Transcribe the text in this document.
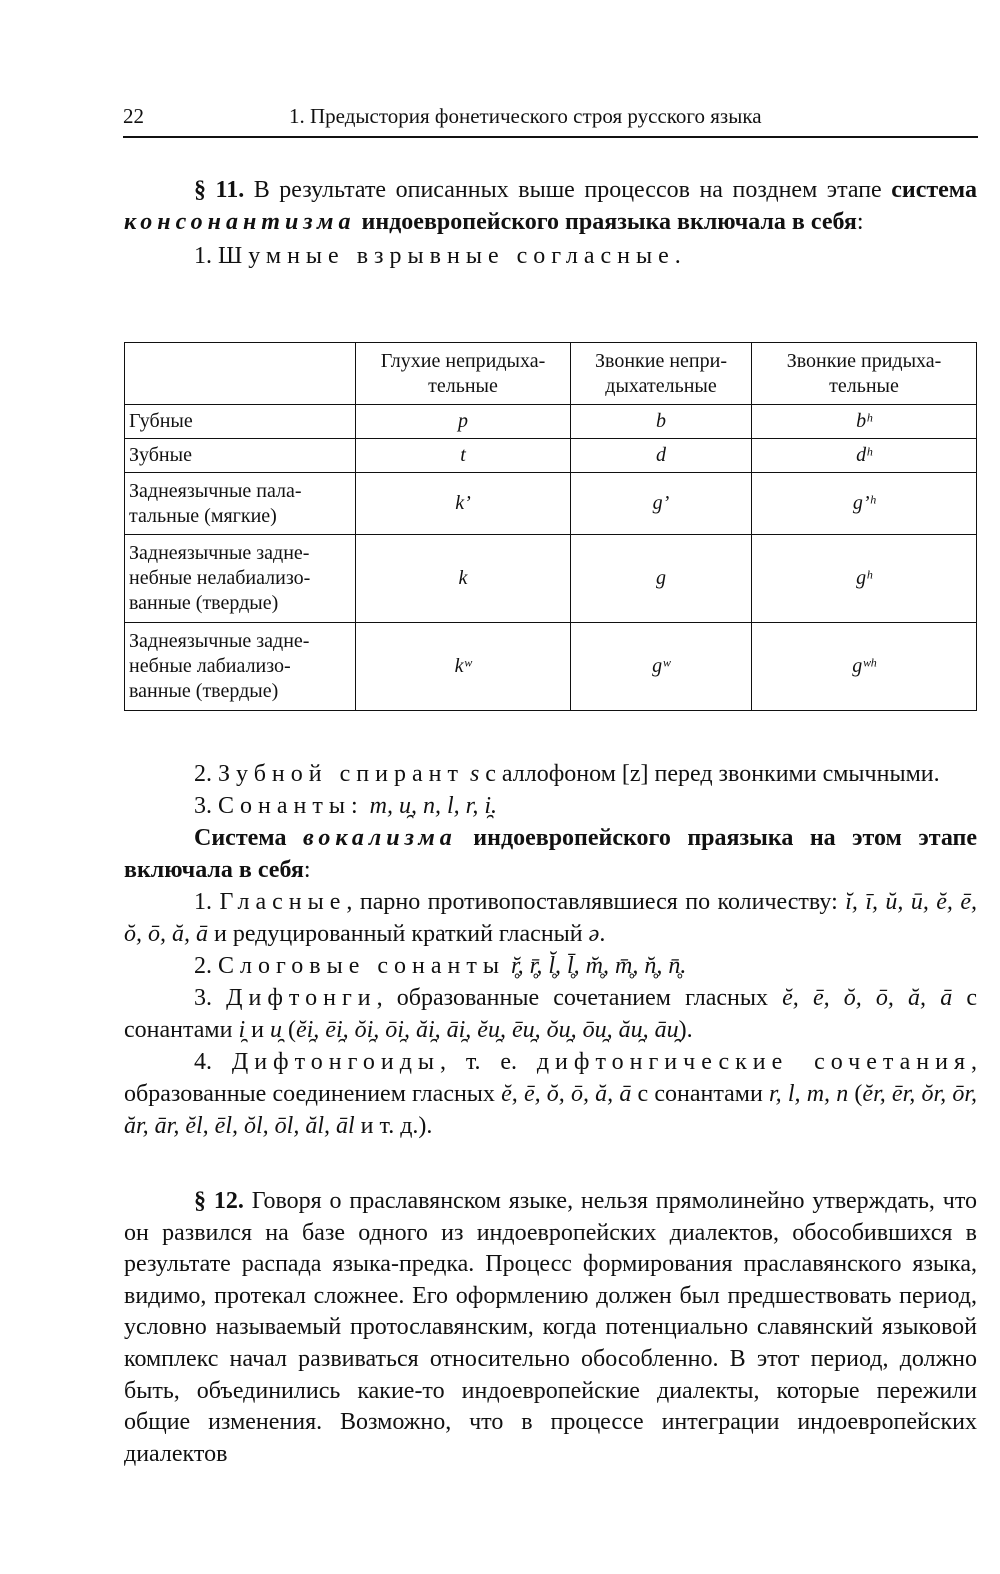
22	1. Предыстория фонетического строя русского языка

§ 11. В результате описанных выше процессов на позднем этапе система консонантизма индоевропейского праязыка включала в себя:

1. Шумные взрывные согласные.

	Глухие непридыха-тельные	Звонкие непри-дыхательные	Звонкие придыха-тельные
Губные	p	b	bʰ
Зубные	t	d	dʰ
Заднеязычные пала-тальные (мягкие)	k’	g’	g’ʰ
Заднеязычные задне-небные нелабиализо-ванные (твердые)	k	g	gʰ
Заднеязычные задне-небные лабиализо-ванные (твердые)	kʷ	gʷ	gʷʰ

2. Зубной спирант s с аллофоном [z] перед звонкими смычными.

3. Сонанты: m, u̯, n, l, r, i̯.

Система вокализма индоевропейского праязыка на этом этапе включала в себя:

1. Гласные, парно противопоставлявшиеся по количеству: ĭ, ī, ŭ, ū, ĕ, ē, ŏ, ō, ă, ā и редуцированный краткий гласный ə.

2. Слоговые сонанты r̥̆, r̥̄, l̥̆, l̥̄, m̥̆, m̥̄, n̥̆, n̥̄.

3. Дифтонги, образованные сочетанием гласных ĕ, ē, ŏ, ō, ă, ā с сонантами i̯ и u̯ (ĕi̯, ēi̯, ŏi̯, ōi̯, ăi̯, āi̯, ĕu̯, ēu̯, ŏu̯, ōu̯, ău̯, āu̯).

4. Дифтонгоиды, т. е. дифтонгические сочетания, образованные соединением гласных ĕ, ē, ŏ, ō, ă, ā с сонантами r, l, m, n (ĕr, ēr, ŏr, ōr, ăr, ār, ĕl, ēl, ŏl, ōl, ăl, āl и т. д.).

§ 12. Говоря о праславянском языке, нельзя прямолинейно утверждать, что он развился на базе одного из индоевропейских диалектов, обособившихся в результате распада языка-предка. Процесс формирования праславянского языка, видимо, протекал сложнее. Его оформлению должен был предшествовать период, условно называемый протославянским, когда потенциально славянский языковой комплекс начал развиваться относительно обособленно. В этот период, должно быть, объединились какие-то индоевропейские диалекты, которые пережили общие изменения. Возможно, что в процессе интеграции индоевропейских диалектов
